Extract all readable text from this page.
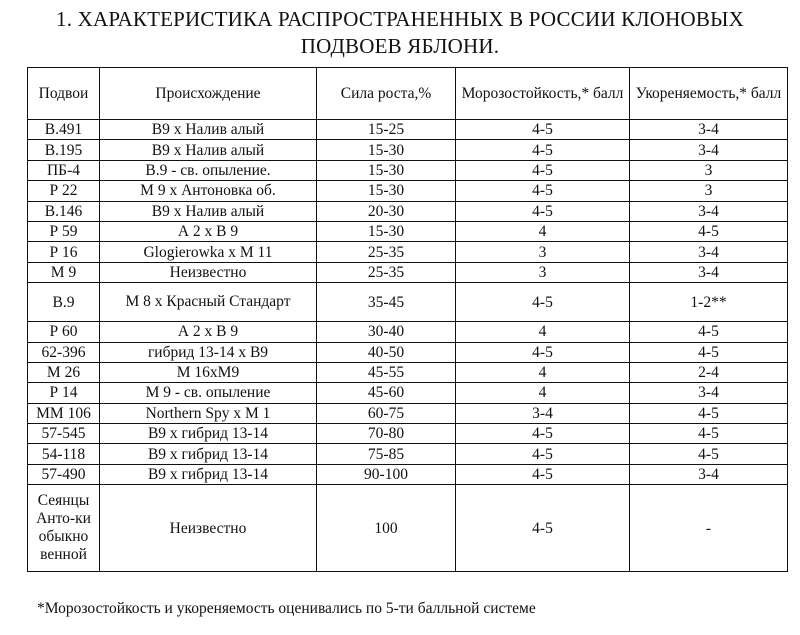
1. ХАРАКТЕРИСТИКА РАСПРОСТРАНЕННЫХ В РОССИИ КЛОНОВЫХ
ПОДВОЕВ ЯБЛОНИ.
Подвои	Происхождение	Сила роста,%	Морозостойкость,* балл	Укореняемость,* балл
В.491	В9 х Налив алый	15-25	4-5	3-4
В.195	В9 х Налив алый	15-30	4-5	3-4
ПБ-4	В.9 - св. опыление.	15-30	4-5	3
Р 22	М 9 х Антоновка об.	15-30	4-5	3
В.146	В9 х Налив алый	20-30	4-5	3-4
Р 59	А 2 х В 9	15-30	4	4-5
Р 16	Glogierowka х М 11	25-35	3	3-4
М 9	Неизвестно	25-35	3	3-4
В.9	М 8 х Красный Стандарт	35-45	4-5	1-2**
Р 60	А 2 х В 9	30-40	4	4-5
62-396	гибрид 13-14 х В9	40-50	4-5	4-5
М 26	М 16хМ9	45-55	4	2-4
Р 14	М 9 - св. опыление	45-60	4	3-4
ММ 106	Northern Spy х М 1	60-75	3-4	4-5
57-545	В9 х гибрид 13-14	70-80	4-5	4-5
54-118	В9 х гибрид 13-14	75-85	4-5	4-5
57-490	В9 х гибрид 13-14	90-100	4-5	3-4
Сеянцы Анто-ки обыкно венной	Неизвестно	100	4-5	-
*Морозостойкость и укореняемость оценивались по 5-ти балльной системе
